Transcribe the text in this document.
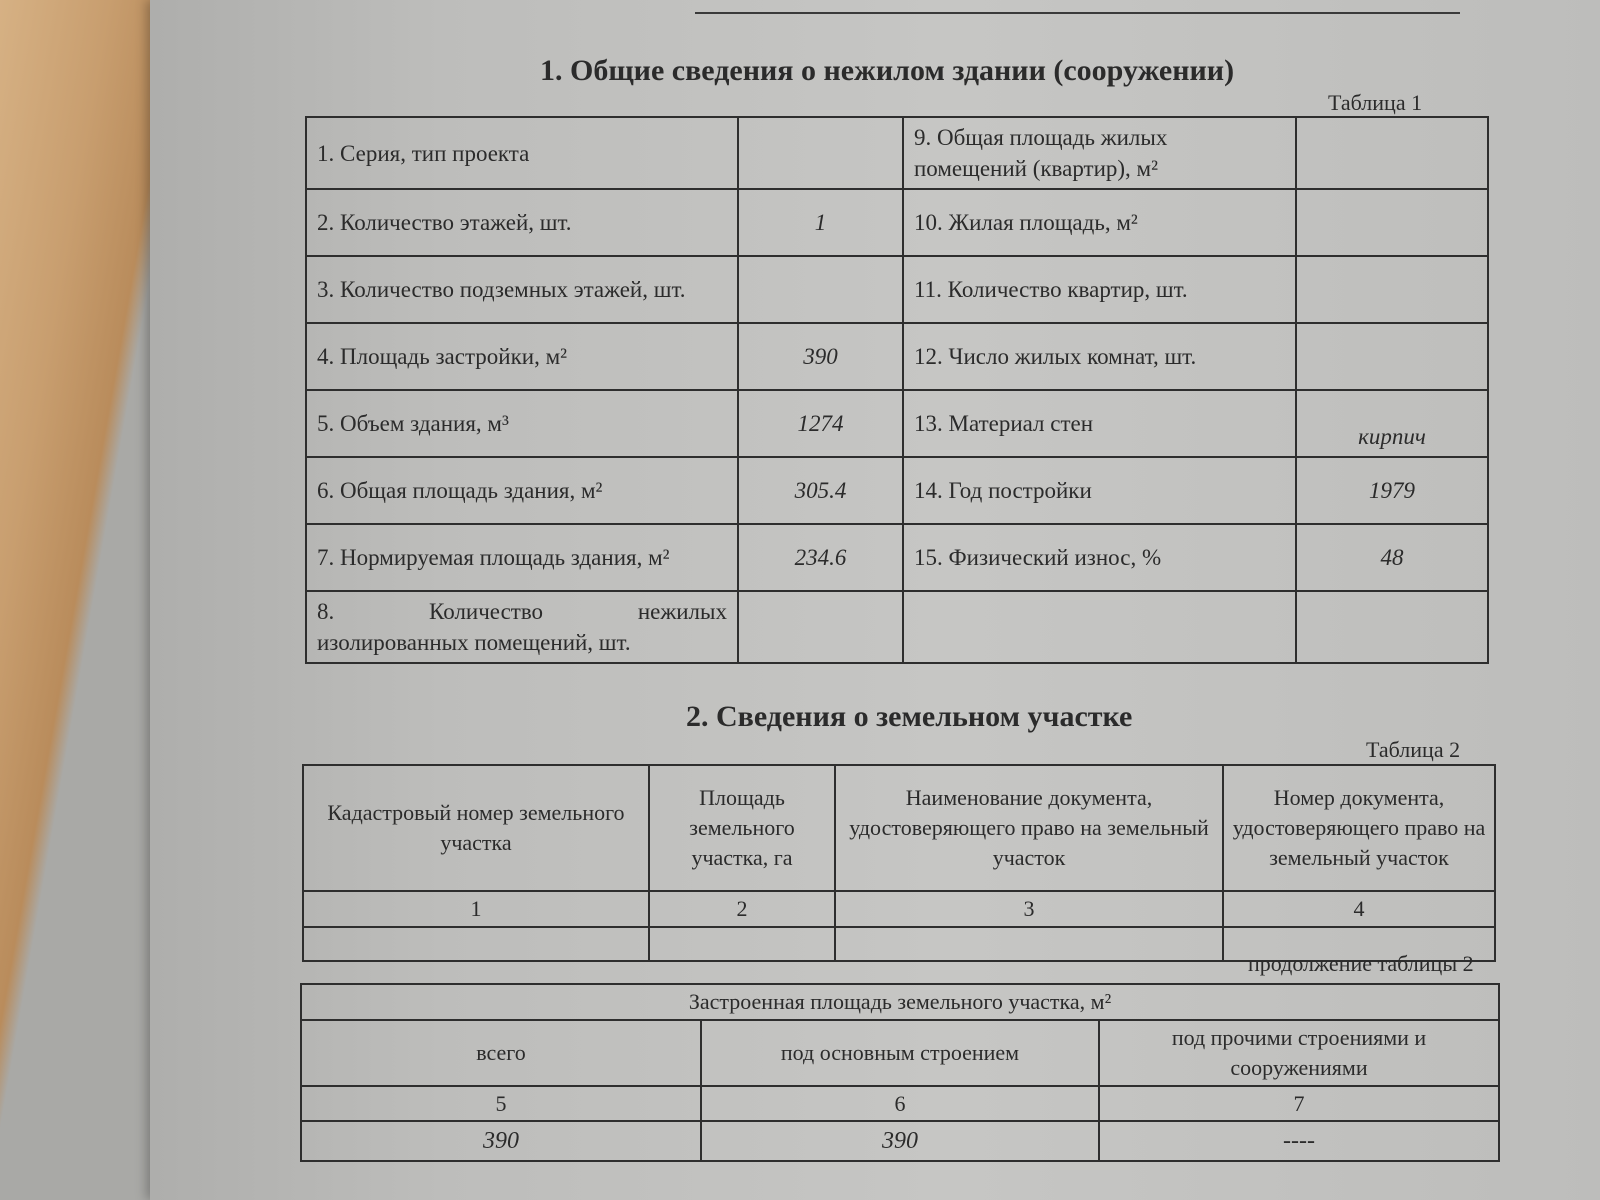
1. Общие сведения о нежилом здании (сооружении)
Таблица 1
1. Серия, тип проекта		9. Общая площадь жилых помещений (квартир), м²	
2. Количество этажей, шт.	1	10. Жилая площадь, м²	
3. Количество подземных этажей, шт.		11. Количество квартир, шт.	
4. Площадь застройки, м²	390	12. Число жилых комнат, шт.	
5. Объем здания, м³	1274	13. Материал стен	кирпич
6. Общая площадь здания, м²	305.4	14. Год постройки	1979
7. Нормируемая площадь здания, м²	234.6	15. Физический износ, %	48

8. Количество нежилых
изолированных помещений, шт.			

2. Сведения о земельном участке
Таблица 2
Кадастровый номер земельного участка	Площадь земельного участка, га	Наименование документа, удостоверяющего право на земельный участок	Номер документа, удостоверяющего право на земельный участок
1	2	3	4

продолжение таблицы 2
Застроенная площадь земельного участка, м²		
всего	под основным строением	под прочими строениями и сооружениями
5	6	7
390	390	----
